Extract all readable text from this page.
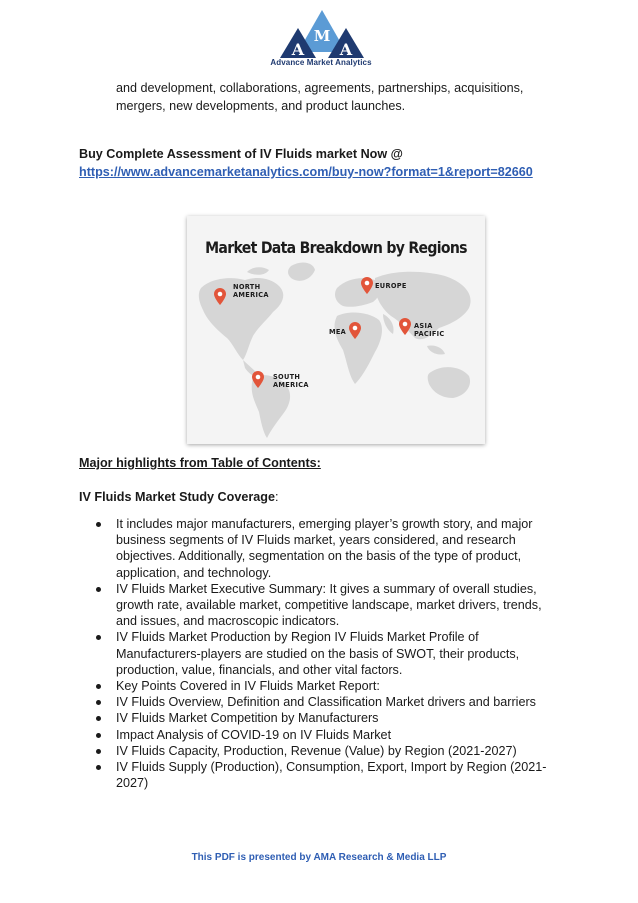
A
M
A
Advance Market Analytics
and development, collaborations, agreements, partnerships, acquisitions, mergers, new developments, and product launches.
Buy Complete Assessment of IV Fluids market Now @
https://www.advancemarketanalytics.com/buy-now?format=1&report=82660
Market Data Breakdown by Regions
NORTH
AMERICA
EUROPE
MEA
ASIA
PACIFIC
SOUTH
AMERICA
Major highlights from Table of Contents:
IV Fluids Market Study Coverage:
It includes major manufacturers, emerging player’s growth story, and major business segments of IV Fluids market, years considered, and research objectives. Additionally, segmentation on the basis of the type of product, application, and technology.
IV Fluids Market Executive Summary: It gives a summary of overall studies, growth rate, available market, competitive landscape, market drivers, trends, and issues, and macroscopic indicators.
IV Fluids Market Production by Region IV Fluids Market Profile of Manufacturers-players are studied on the basis of SWOT, their products, production, value, financials, and other vital factors.
Key Points Covered in IV Fluids Market Report:
IV Fluids Overview, Definition and Classification Market drivers and barriers
IV Fluids Market Competition by Manufacturers
Impact Analysis of COVID-19 on IV Fluids Market
IV Fluids Capacity, Production, Revenue (Value) by Region (2021-2027)
IV Fluids Supply (Production), Consumption, Export, Import by Region (2021-2027)
This PDF is presented by AMA Research & Media LLP
